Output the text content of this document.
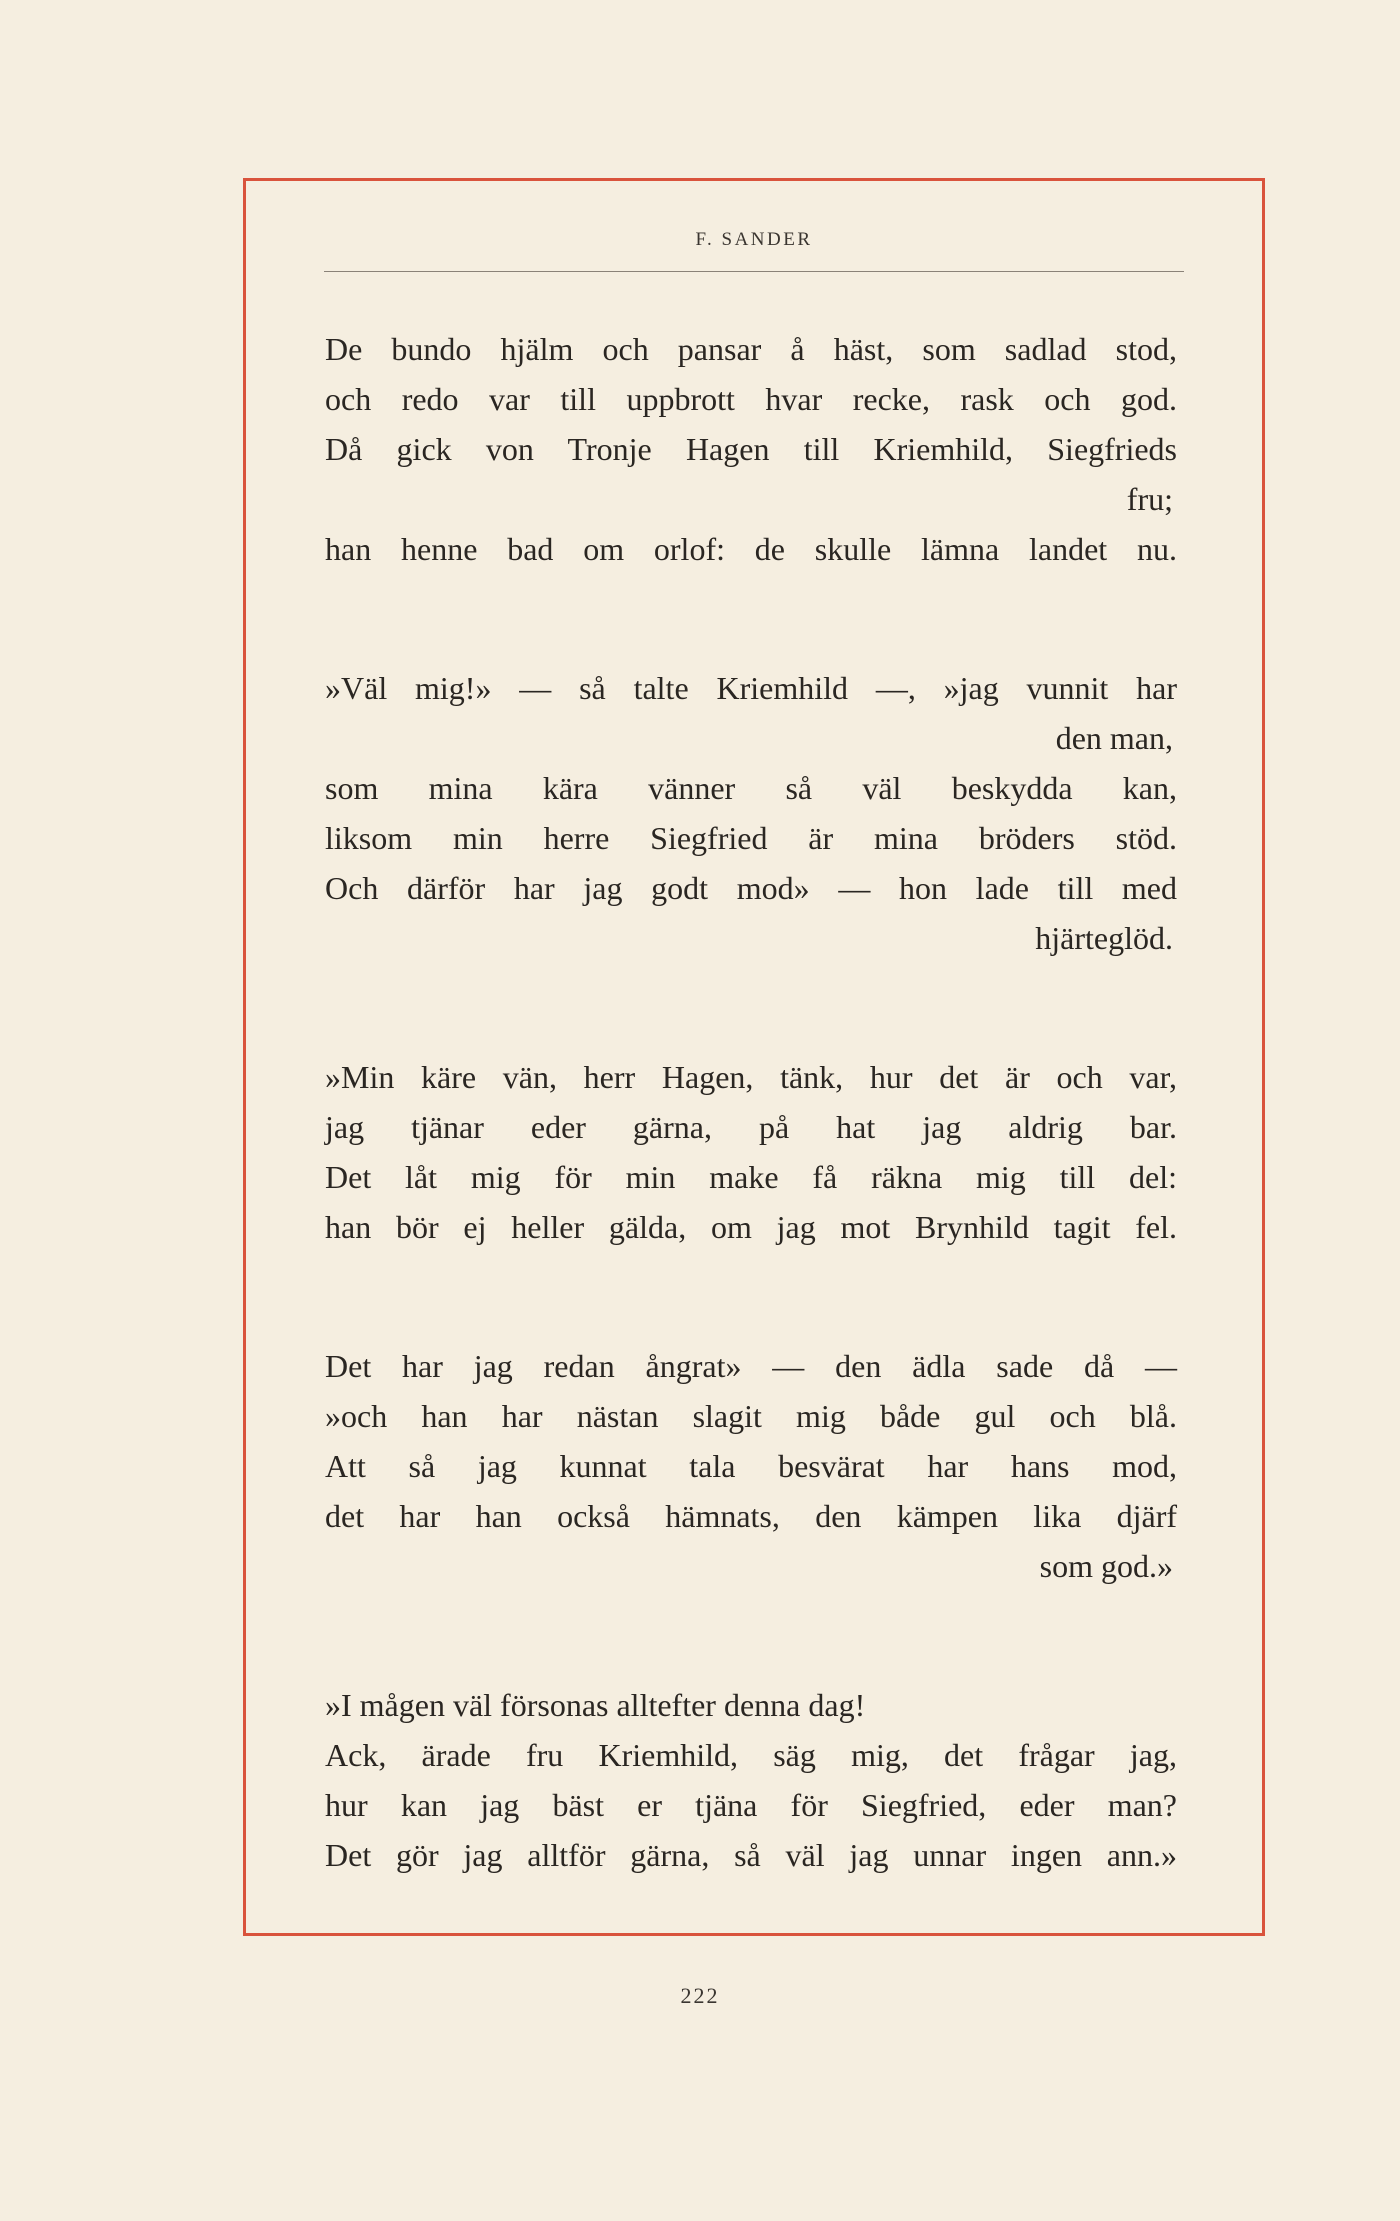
F. SANDER
De bundo hjälm och pansar å häst, som sadlad stod,
och redo var till uppbrott hvar recke, rask och god.
Då gick von Tronje Hagen till Kriemhild, Siegfrieds
fru;
han henne bad om orlof: de skulle lämna landet nu.
»Väl mig!» — så talte Kriemhild —, »jag vunnit har
den man,
som mina kära vänner så väl beskydda kan,
liksom min herre Siegfried är mina bröders stöd.
Och därför har jag godt mod» — hon lade till med
hjärteglöd.
»Min käre vän, herr Hagen, tänk, hur det är och var,
jag tjänar eder gärna, på hat jag aldrig bar.
Det låt mig för min make få räkna mig till del:
han bör ej heller gälda, om jag mot Brynhild tagit fel.
Det har jag redan ångrat» — den ädla sade då —
»och han har nästan slagit mig både gul och blå.
Att så jag kunnat tala besvärat har hans mod,
det har han också hämnats, den kämpen lika djärf
som god.»
»I mågen väl försonas alltefter denna dag!
Ack, ärade fru Kriemhild, säg mig, det frågar jag,
hur kan jag bäst er tjäna för Siegfried, eder man?
Det gör jag alltför gärna, så väl jag unnar ingen ann.»
222
